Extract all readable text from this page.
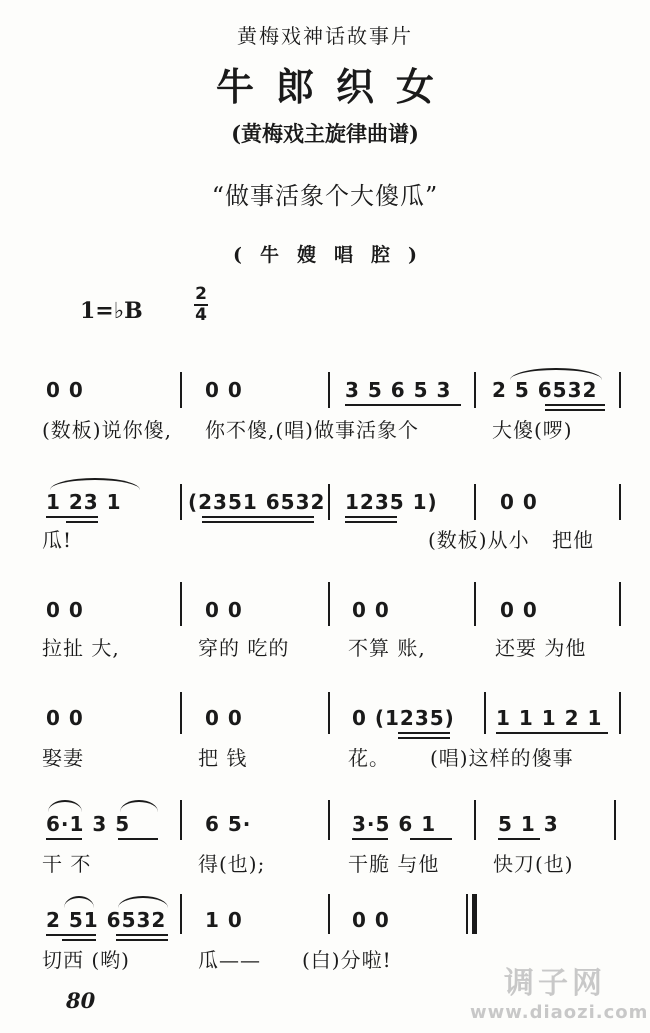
黄梅戏神话故事片
牛郎织女
(黄梅戏主旋律曲谱)
“做事活象个大傻瓜”
(牛嫂唱腔)
1=♭B
2
4
0 0	0 0	3 5 6 5 3 2 5 6532
(数板)说你傻, 你不傻,(唱)做事活象个	大傻(啰)
1 23 1	(2351 6532 1235 1)	0 0
瓜!	(数板)从小 把他
0 0	0 0	0 0	0 0
拉扯 大,	穿的 吃的	不算 账,	还要 为他
0 0	0 0	0 (1235) 1 1 1 2 1
娶妻	把 钱	花。 (唱)这样的傻事
6·1 3 5	6 5·	3·5 6 1	5 1 3
干 不	得(也);	干脆 与他	快刀(也)
2 51 6532 1 0	0 0
切西 (哟)	瓜—— (白)分啦!
80	调子网
www.diaozi.com
